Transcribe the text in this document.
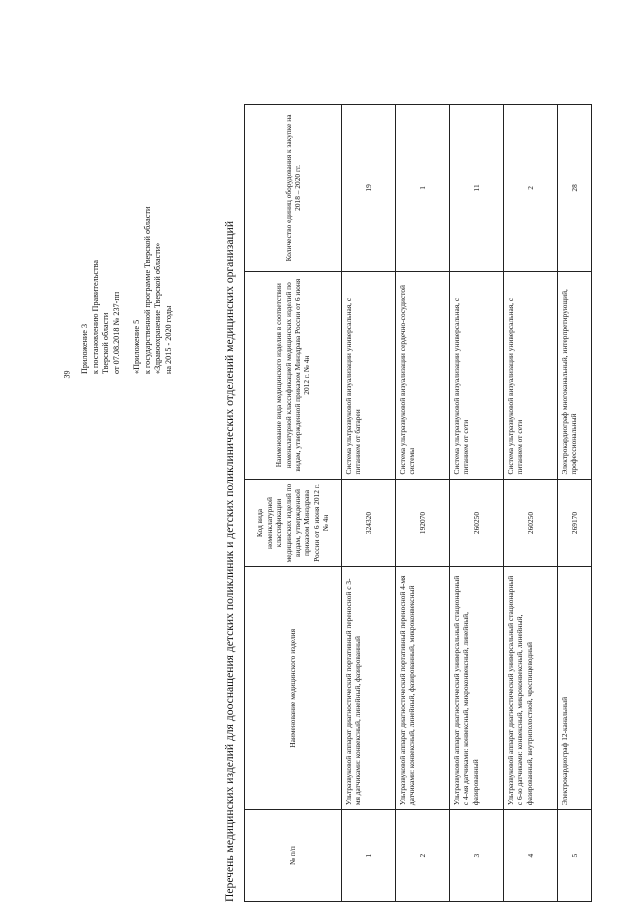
39
Приложение 3 к постановлению Правительства Тверской области от 07.08.2018 № 237-пп «Приложение 5 к государственной программе Тверской области «Здравоохранение Тверской области» на 2015 - 2020 годы	Перечень медицинских изделий для дооснащения детских поликлиник и детских поликлинических отделений медицинских организаций	№ п/п	Наименование медицинского изделия	Код вида номенклатурной классификации медицинских изделий по видам, утвержденной приказом Минздрава России от 6 июня 2012 г. № 4н	Наименование вида медицинского изделия в соответствии номенклатурной классификацией медицинских изделий по видам, утвержденной приказом Минздрава России от 6 июня 2012 г. № 4н	Количество единиц оборудования к закупке на 2018 – 2020 гг.
1	Ультразвуковой аппарат диагностический портативный переносной с 3-мя датчиками: конвексный, линейный, фазированный	324320	Система ультразвуковой визуализации универсальная, с питанием от батареи	19
2	Ультразвуковой аппарат диагностический портативный переносной 4-мя датчиками: конвексный, линейный, фазированный, микроконвексный	192070	Система ультразвуковой визуализации сердечно-сосудистой системы	1
3	Ультразвуковой аппарат диагностический универсальный стационарный с 4-мя датчиками: конвексный, микроконвексный, линейный, фазированный	260250	Система ультразвуковой визуализации универсальная, с питанием от сети	11
4	Ультразвуковой аппарат диагностический универсальный стационарный с 6-ю датчиками: конвексный, микроконвексный, линейный, фазированный, внутриполостной, чреспищеводный	260250	Система ультразвуковой визуализации универсальная, с питанием от сети	2
5	Электрокардиограф 12-канальный	269170	Электрокардиограф многоканальный, интерпретирующий, профессиональный	28
